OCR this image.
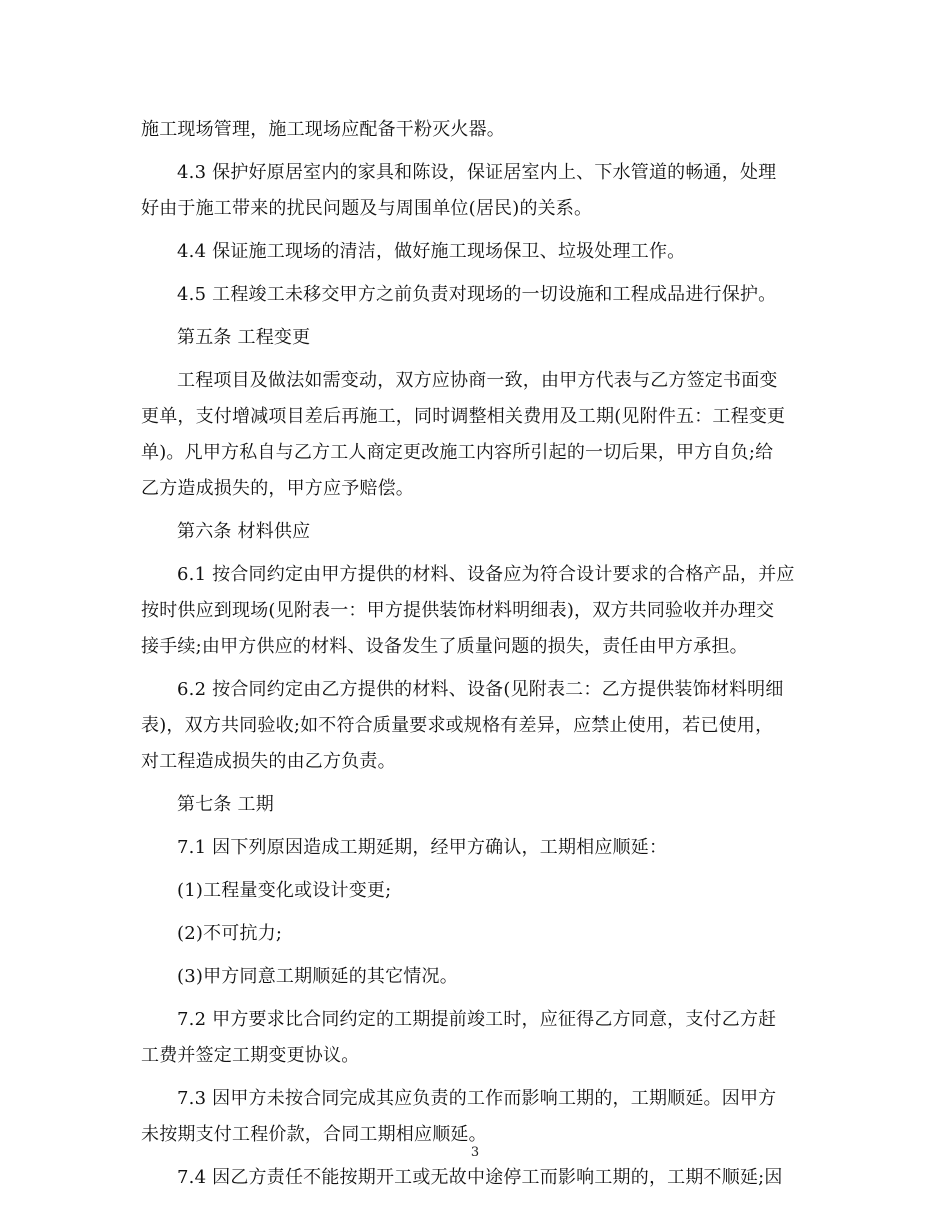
施工现场管理，施工现场应配备干粉灭火器。
4.3 保护好原居室内的家具和陈设，保证居室内上、下水管道的畅通，处理
好由于施工带来的扰民问题及与周围单位(居民)的关系。
4.4 保证施工现场的清洁，做好施工现场保卫、垃圾处理工作。
4.5 工程竣工未移交甲方之前负责对现场的一切设施和工程成品进行保护。
第五条 工程变更
工程项目及做法如需变动，双方应协商一致，由甲方代表与乙方签定书面变
更单，支付增减项目差后再施工，同时调整相关费用及工期(见附件五：工程变更
单)。凡甲方私自与乙方工人商定更改施工内容所引起的一切后果，甲方自负;给
乙方造成损失的，甲方应予赔偿。
第六条 材料供应
6.1 按合同约定由甲方提供的材料、设备应为符合设计要求的合格产品，并应
按时供应到现场(见附表一：甲方提供装饰材料明细表)，双方共同验收并办理交
接手续;由甲方供应的材料、设备发生了质量问题的损失，责任由甲方承担。
6.2 按合同约定由乙方提供的材料、设备(见附表二：乙方提供装饰材料明细
表)，双方共同验收;如不符合质量要求或规格有差异，应禁止使用，若已使用，
对工程造成损失的由乙方负责。
第七条 工期
7.1 因下列原因造成工期延期，经甲方确认，工期相应顺延：
(1)工程量变化或设计变更;
(2)不可抗力;
(3)甲方同意工期顺延的其它情况。
7.2 甲方要求比合同约定的工期提前竣工时，应征得乙方同意，支付乙方赶
工费并签定工期变更协议。
7.3 因甲方未按合同完成其应负责的工作而影响工期的，工期顺延。因甲方
未按期支付工程价款，合同工期相应顺延。
7.4 因乙方责任不能按期开工或无故中途停工而影响工期的，工期不顺延;因
3
